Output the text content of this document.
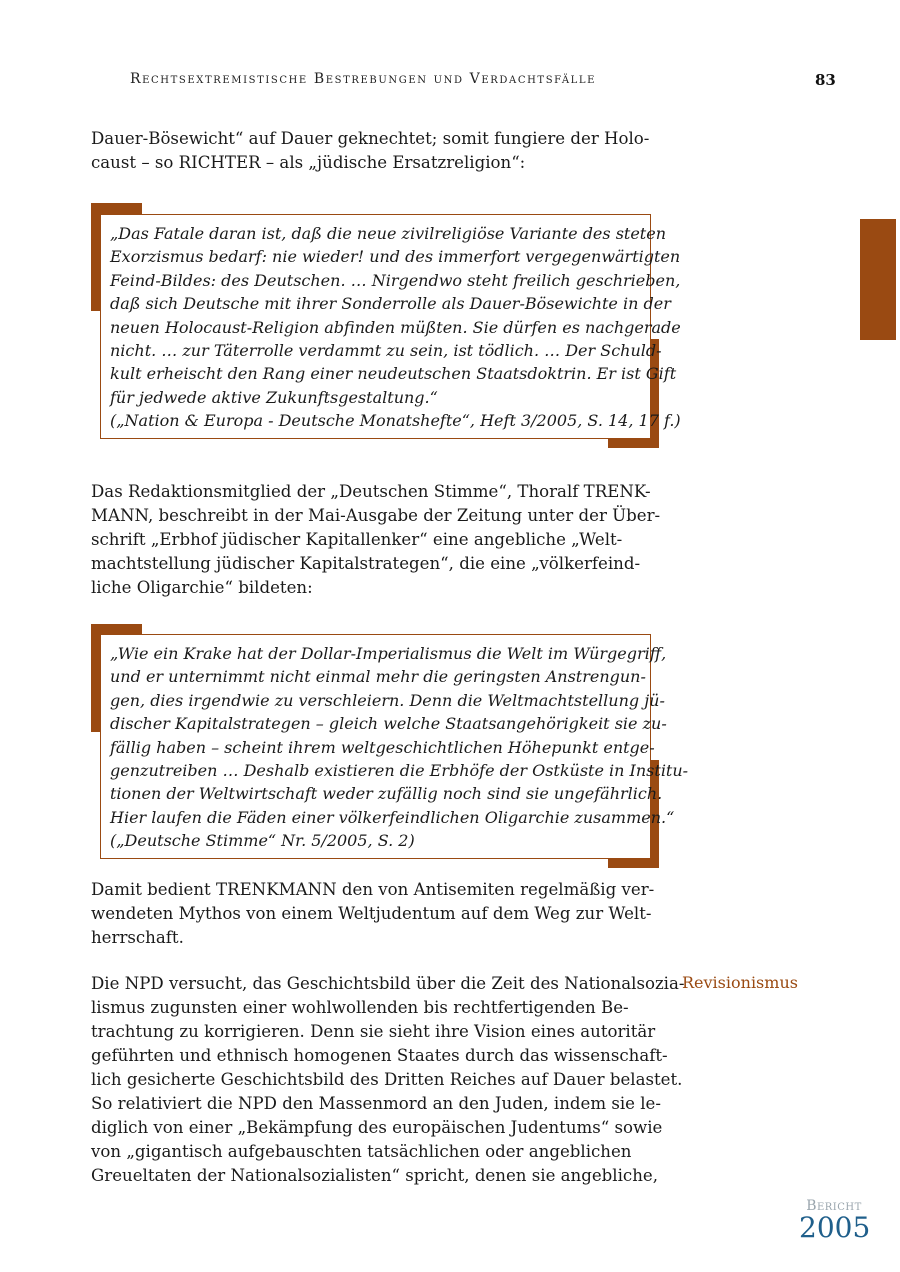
Rechtsextremistische Bestrebungen und Verdachtsfälle	83

Dauer-Bösewicht“ auf Dauer geknechtet; somit fungiere der Holo-
caust – so RICHTER – als „jüdische Ersatzreligion“:

„Das Fatale daran ist, daß die neue zivilreligiöse Variante des steten
Exorzismus bedarf: nie wieder! und des immerfort vergegenwärtigten
Feind-Bildes: des Deutschen. … Nirgendwo steht freilich geschrieben,
daß sich Deutsche mit ihrer Sonderrolle als Dauer-Bösewichte in der
neuen Holocaust-Religion abfinden müßten. Sie dürfen es nachgerade
nicht. … zur Täterrolle verdammt zu sein, ist tödlich. … Der Schuld-
kult erheischt den Rang einer neudeutschen Staatsdoktrin. Er ist Gift
für jedwede aktive Zukunftsgestaltung.“
(„Nation & Europa - Deutsche Monatshefte“, Heft 3/2005, S. 14, 17 f.)

Das Redaktionsmitglied der „Deutschen Stimme“, Thoralf TRENK-
MANN, beschreibt in der Mai-Ausgabe der Zeitung unter der Über-
schrift „Erbhof jüdischer Kapitallenker“ eine angebliche „Welt-
machtstellung jüdischer Kapitalstrategen“, die eine „völkerfeind-
liche Oligarchie“ bildeten:

„Wie ein Krake hat der Dollar-Imperialismus die Welt im Würgegriff,
und er unternimmt nicht einmal mehr die geringsten Anstrengun-
gen, dies irgendwie zu verschleiern. Denn die Weltmachtstellung jü-
discher Kapitalstrategen – gleich welche Staatsangehörigkeit sie zu-
fällig haben – scheint ihrem weltgeschichtlichen Höhepunkt entge-
genzutreiben … Deshalb existieren die Erbhöfe der Ostküste in Institu-
tionen der Weltwirtschaft weder zufällig noch sind sie ungefährlich.
Hier laufen die Fäden einer völkerfeindlichen Oligarchie zusammen.“
(„Deutsche Stimme“ Nr. 5/2005, S. 2)

Damit bedient TRENKMANN den von Antisemiten regelmäßig ver-
wendeten Mythos von einem Weltjudentum auf dem Weg zur Welt-
herrschaft.

Die NPD versucht, das Geschichtsbild über die Zeit des Nationalsozia-
lismus zugunsten einer wohlwollenden bis rechtfertigenden Be-
trachtung zu korrigieren. Denn sie sieht ihre Vision eines autoritär
geführten und ethnisch homogenen Staates durch das wissenschaft-
lich gesicherte Geschichtsbild des Dritten Reiches auf Dauer belastet.
So relativiert die NPD den Massenmord an den Juden, indem sie le-
diglich von einer „Bekämpfung des europäischen Judentums“ sowie
von „gigantisch aufgebauschten tatsächlichen oder angeblichen
Greueltaten der Nationalsozialisten“ spricht, denen sie angebliche,

Revisionismus
Bericht
2005
